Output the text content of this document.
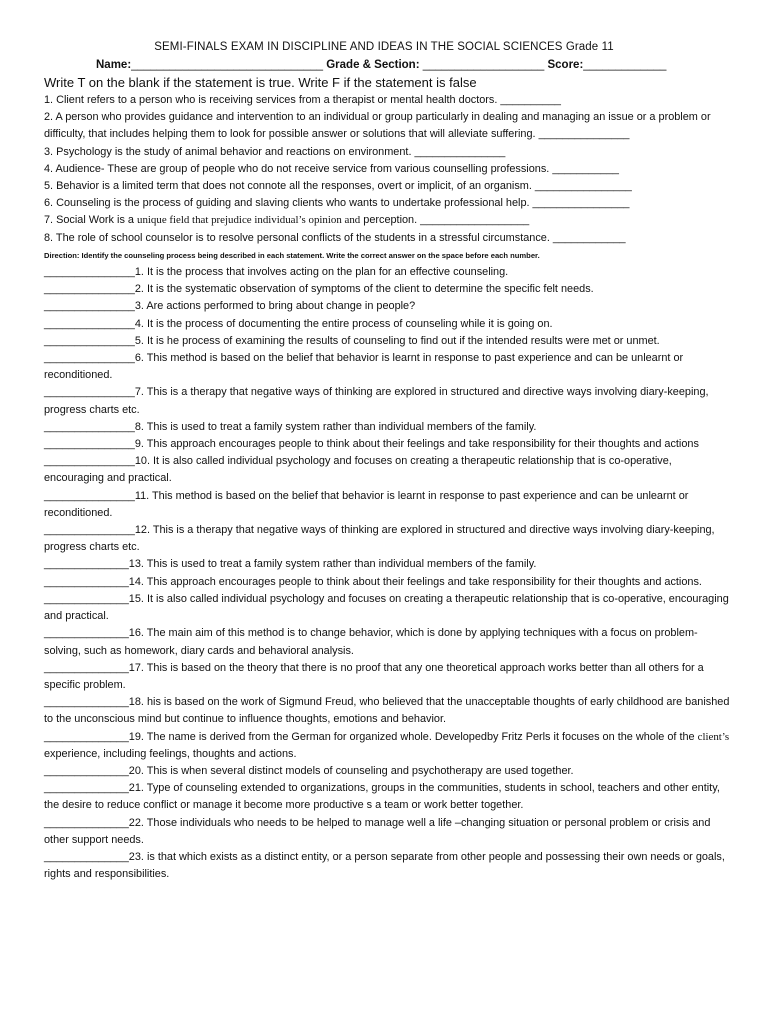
SEMI-FINALS EXAM IN DISCIPLINE AND IDEAS IN THE SOCIAL SCIENCES Grade 11
Name:______________________________ Grade & Section: ___________________ Score:_____________
Write T on the blank if the statement is true. Write F if the statement is false

1. Client refers to a person who is receiving services from a therapist or mental health doctors. __________

2. A person who provides guidance and intervention to an individual or group particularly in dealing and managing an issue or a problem or difficulty, that includes helping them to look for possible answer or solutions that will alleviate suffering. _______________

3. Psychology is the study of animal behavior and reactions on environment. _______________

4. Audience- These are group of people who do not receive service from various counselling professions. ___________

5. Behavior is a limited term that does not connote all the responses, overt or implicit, of an organism. ________________

6. Counseling is the process of guiding and slaving clients who wants to undertake professional help. ________________

7. Social Work is a unique field that prejudice individual’s opinion and perception. __________________

8. The role of school counselor is to resolve personal conflicts of the students in a stressful circumstance. ____________

Direction: Identify the counseling process being described in each statement. Write the correct answer on the space before each number.

_______________1. It is the process that involves acting on the plan for an effective counseling.

_______________2. It is the systematic observation of symptoms of the client to determine the specific felt needs.

_______________3. Are actions performed to bring about change in people?

_______________4. It is the process of documenting the entire process of counseling while it is going on.

_______________5. It is he process of examining the results of counseling to find out if the intended results were met or unmet.

_______________6. This method is based on the belief that behavior is learnt in response to past experience and can be unlearnt or reconditioned.

_______________7. This is a therapy that negative ways of thinking are explored in structured and directive ways involving diary-keeping, progress charts etc.

_______________8. This is used to treat a family system rather than individual members of the family.

_______________9. This approach encourages people to think about their feelings and take responsibility for their thoughts and actions

_______________10. It is also called individual psychology and focuses on creating a therapeutic relationship that is co-operative, encouraging and practical.

_______________11. This method is based on the belief that behavior is learnt in response to past experience and can be unlearnt or reconditioned.

_______________12. This is a therapy that negative ways of thinking are explored in structured and directive ways involving diary-keeping, progress charts etc.

______________13. This is used to treat a family system rather than individual members of the family.

______________14. This approach encourages people to think about their feelings and take responsibility for their thoughts and actions.

______________15. It is also called individual psychology and focuses on creating a therapeutic relationship that is co-operative, encouraging and practical.

______________16. The main aim of this method is to change behavior, which is done by applying techniques with a focus on problem- solving, such as homework, diary cards and behavioral analysis.

______________17. This is based on the theory that there is no proof that any one theoretical approach works better than all others for a specific problem.

______________18. his is based on the work of Sigmund Freud, who believed that the unacceptable thoughts of early childhood are banished to the unconscious mind but continue to influence thoughts, emotions and behavior.

______________19. The name is derived from the German for organized whole. Developedby Fritz Perls it focuses on the whole of the client’s experience, including feelings, thoughts and actions.

______________20. This is when several distinct models of counseling and psychotherapy are used together.

______________21. Type of counseling extended to organizations, groups in the communities, students in school, teachers and other entity, the desire to reduce conflict or manage it become more productive s a team or work better together.

______________22. Those individuals who needs to be helped to manage well a life –changing situation or personal problem or crisis and other support needs.

______________23. is that which exists as a distinct entity, or a person separate from other people and possessing their own needs or goals, rights and responsibilities.
